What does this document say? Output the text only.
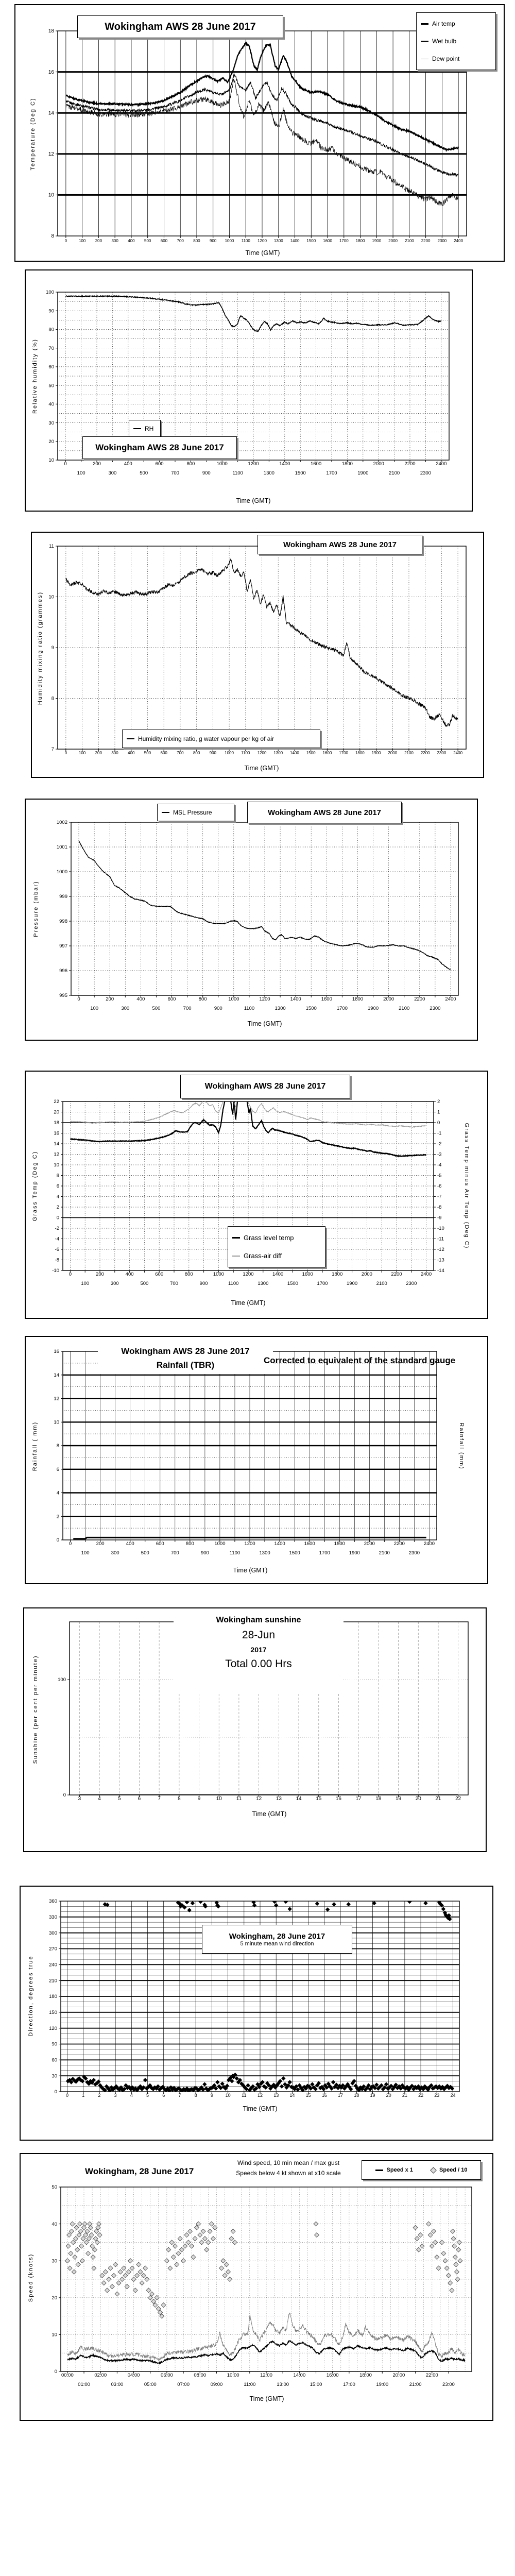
0	100 200 300 400 500 600 700 800 900 1000 1100 1200 1300 1400 1500 1600 1700 1800 1900 2000 2100 2200 2300 2400
8
10
12
14
16
18
Temperature (Deg C)
Time (GMT)
Wokingham AWS 28 June 2017	Air temp
Wet bulb
Dew point
0
100
200
300
400
500
600
700
800
900
1000
1100
1200
1300
1400
1500
1600
1700
1800
1900
2000
2100
2200
2300
2400
10
20
30
40
50
60
70
80
90
100
Relative humidity (%)
Time (GMT)
RH
Wokingham AWS 28 June 2017
0	100 200 300 400 500 600 700 800 900 1000 1100 1200 1300 1400 1500 1600 1700 1800 1900 2000 2100 2200 2300 2400
7
8
9
10
11
Humidity mixing ratio (grammes)
Time (GMT)
Wokingham AWS 28 June 2017
Humidity mixing ratio, g water vapour per kg of air
0
100
200
300
400
500
600
700
800
900
1000
1100
1200
1300
1400
1500
1600
1700
1800
1900
2000
2100
2200
2300
2400
995
996
997
998
999
1000
1001
1002
Pressure (mbar)
Time (GMT)
MSL Pressure	Wokingham AWS 28 June 2017
0
100
200
300
400
500
600
700
800
900
1000
1100
1200
1300
1400
1500
1600
1700
1800
1900
2000
2100
2200
2300
2400
-10
-8
-6
-4
-2
0
2
4
6
8
10
12
14
16
18
20
22
-14
-13
-12
-11
-10
-9
-8
-7
-6
-5
-4
-3
-2
-1
0
1
2
Grass Temp (Deg C)	Grass Temp minus Air Temp (Deg C)
Time (GMT)
Wokingham AWS 28 June 2017
Grass level temp
Grass-air diff
0
100
200
300
400
500
600
700
800
900
1000
1100
1200
1300
1400
1500
1600
1700
1800
1900
2000
2100
2200
2300
2400
0
2
4
6
8
10
12
14
16
Rainfall ( mm)	Rainfall (mm)
Time (GMT)
Wokingham AWS 28 June 2017
Rainfall (TBR)	Corrected to equivalent of the standard gauge
3	4	5	6	7	8	9	10	11	12	13	14	15	16	17	18	19	20	21	22
0
100
Sunshine (per cent per minute)
Time (GMT)
Wokingham sunshine
28-Jun
2017
Total 0.00 Hrs
0	1	2	3	4	5	6	7	8	9	10 11 12 13 14 15 16 17 18 19 20 21 22 23 24
0
30
60
90
120
150
180
210
240
270
300
330
360
Direction, degrees true
Time (GMT)
Wokingham, 28 June 2017
5 minute mean wind direction
00:00	02:00	04:00	06:00	08:00	10:00	12:00	14:00	16:00	18:00	20:00	22:00
01:00	03:00	05:00	07:00	09:00	11:00	13:00	15:00	17:00	19:00	21:00	23:00
0
10
20
30
40
50
Speed (knots)
Time (GMT)
Wokingham, 28 June 2017
Wind speed, 10 min mean / max gust
Speeds below 4 kt shown at x10 scale	Speed x 1	Speed / 10
